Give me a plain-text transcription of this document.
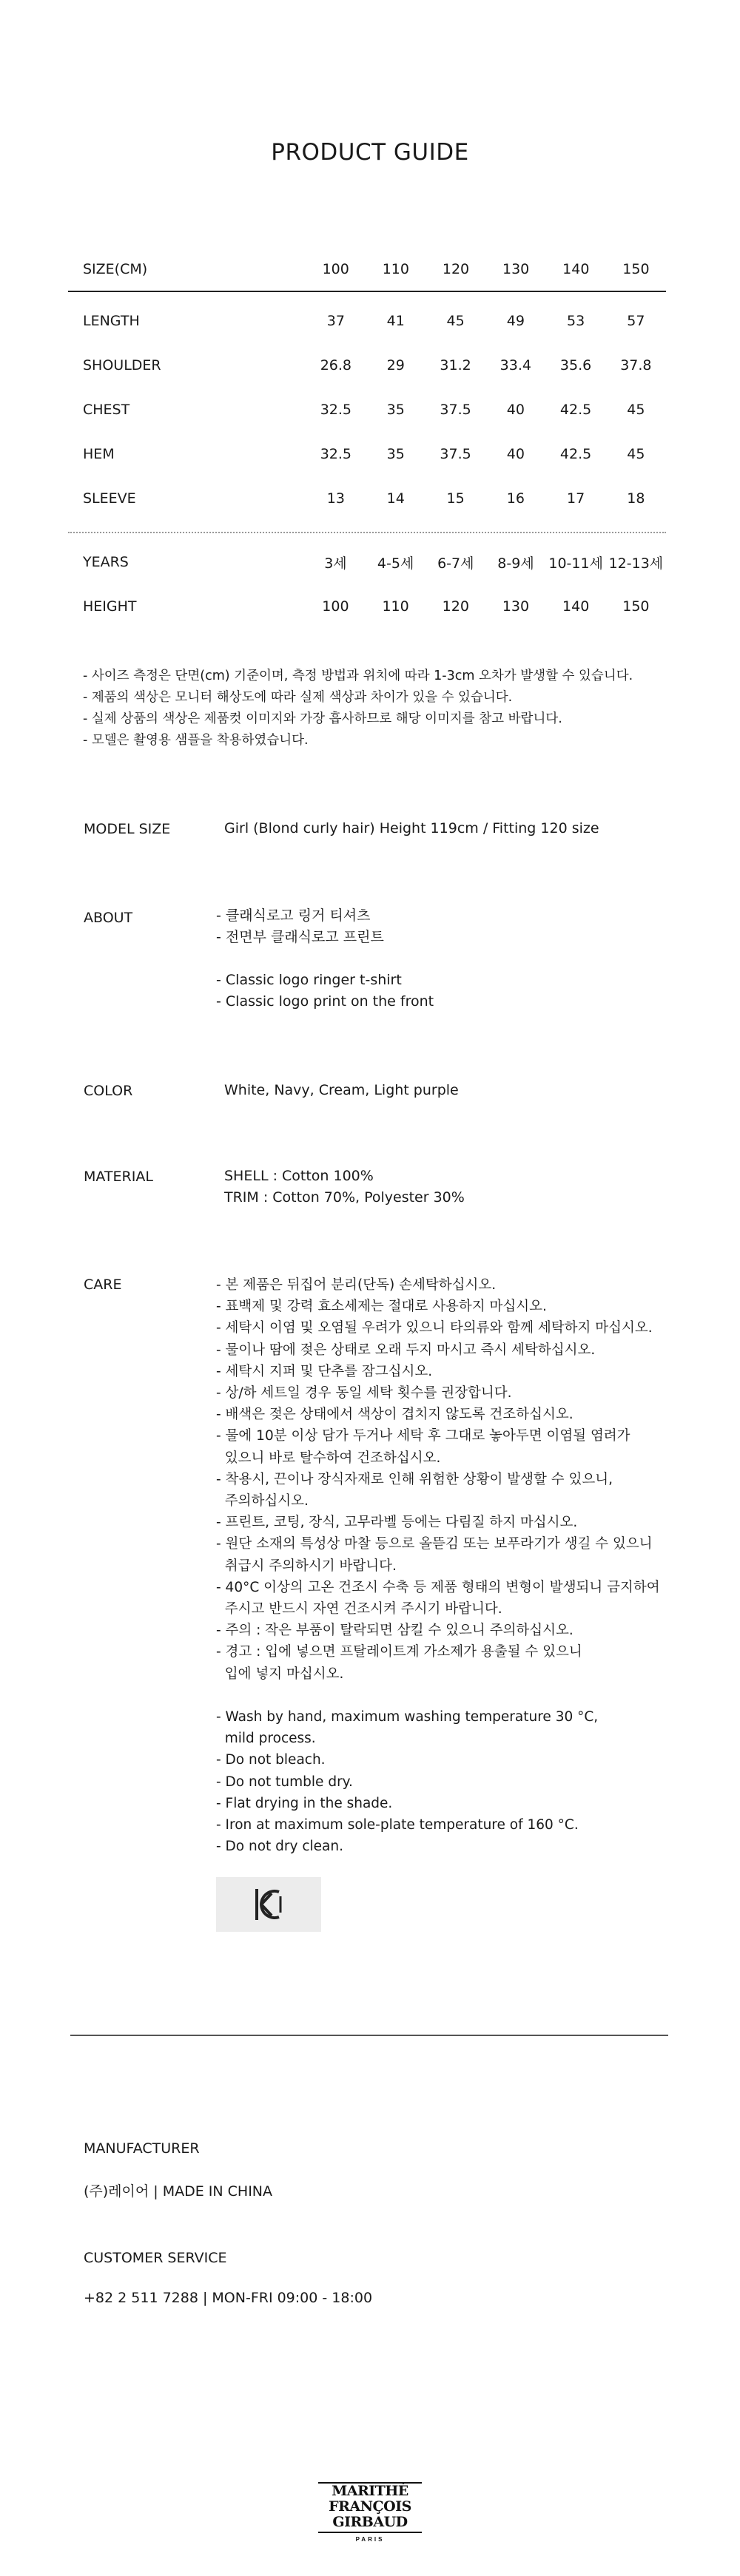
PRODUCT GUIDE
SIZE(CM)	100	110	120	130	140	150
LENGTH	37	41	45	49	53	57
SHOULDER	26.8	29	31.2	33.4	35.6	37.8
CHEST	32.5	35	37.5	40	42.5	45
HEM	32.5	35	37.5	40	42.5	45
SLEEVE	13	14	15	16	17	18
YEARS	3세	4-5세	6-7세	8-9세	10-11세	12-13세
HEIGHT	100	110	120	130	140	150
- 사이즈 측정은 단면(cm) 기준이며, 측정 방법과 위치에 따라 1-3cm 오차가 발생할 수 있습니다.
- 제품의 색상은 모니터 해상도에 따라 실제 색상과 차이가 있을 수 있습니다.
- 실제 상품의 색상은 제품컷 이미지와 가장 흡사하므로 해당 이미지를 참고 바랍니다.
- 모델은 촬영용 샘플을 착용하였습니다.
MODEL SIZE	Girl (Blond curly hair) Height 119cm / Fitting 120 size
ABOUT	- 클래식로고 링거 티셔츠
- 전면부 클래식로고 프린트
- Classic logo ringer t-shirt
- Classic logo print on the front
COLOR	White, Navy, Cream, Light purple
MATERIAL	SHELL : Cotton 100%
TRIM : Cotton 70%, Polyester 30%
CARE	- 본 제품은 뒤집어 분리(단독) 손세탁하십시오.
- 표백제 및 강력 효소세제는 절대로 사용하지 마십시오.
- 세탁시 이염 및 오염될 우려가 있으니 타의류와 함께 세탁하지 마십시오.
- 물이나 땀에 젖은 상태로 오래 두지 마시고 즉시 세탁하십시오.
- 세탁시 지퍼 및 단추를 잠그십시오.
- 상/하 세트일 경우 동일 세탁 횟수를 권장합니다.
- 배색은 젖은 상태에서 색상이 겹치지 않도록 건조하십시오.
- 물에 10분 이상 담가 두거나 세탁 후 그대로 놓아두면 이염될 염려가
있으니 바로 탈수하여 건조하십시오.
- 착용시, 끈이나 장식자재로 인해 위험한 상황이 발생할 수 있으니,
주의하십시오.
- 프린트, 코팅, 장식, 고무라벨 등에는 다림질 하지 마십시오.
- 원단 소재의 특성상 마찰 등으로 올뜯김 또는 보푸라기가 생길 수 있으니
취급시 주의하시기 바랍니다.
- 40°C 이상의 고온 건조시 수축 등 제품 형태의 변형이 발생되니 금지하여
주시고 반드시 자연 건조시켜 주시기 바랍니다.
- 주의 : 작은 부품이 탈락되면 삼킬 수 있으니 주의하십시오.
- 경고 : 입에 넣으면 프탈레이트계 가소제가 용출될 수 있으니
입에 넣지 마십시오.
- Wash by hand, maximum washing temperature 30 °C,
mild process.
- Do not bleach.
- Do not tumble dry.
- Flat drying in the shade.
- Iron at maximum sole-plate temperature of 160 °C.
- Do not dry clean.
MANUFACTURER
(주)레이어 | MADE IN CHINA
CUSTOMER SERVICE
+82 2 511 7288 | MON-FRI 09:00 - 18:00
MARITHÉ
FRANÇOIS
GIRBAUD
PARIS
